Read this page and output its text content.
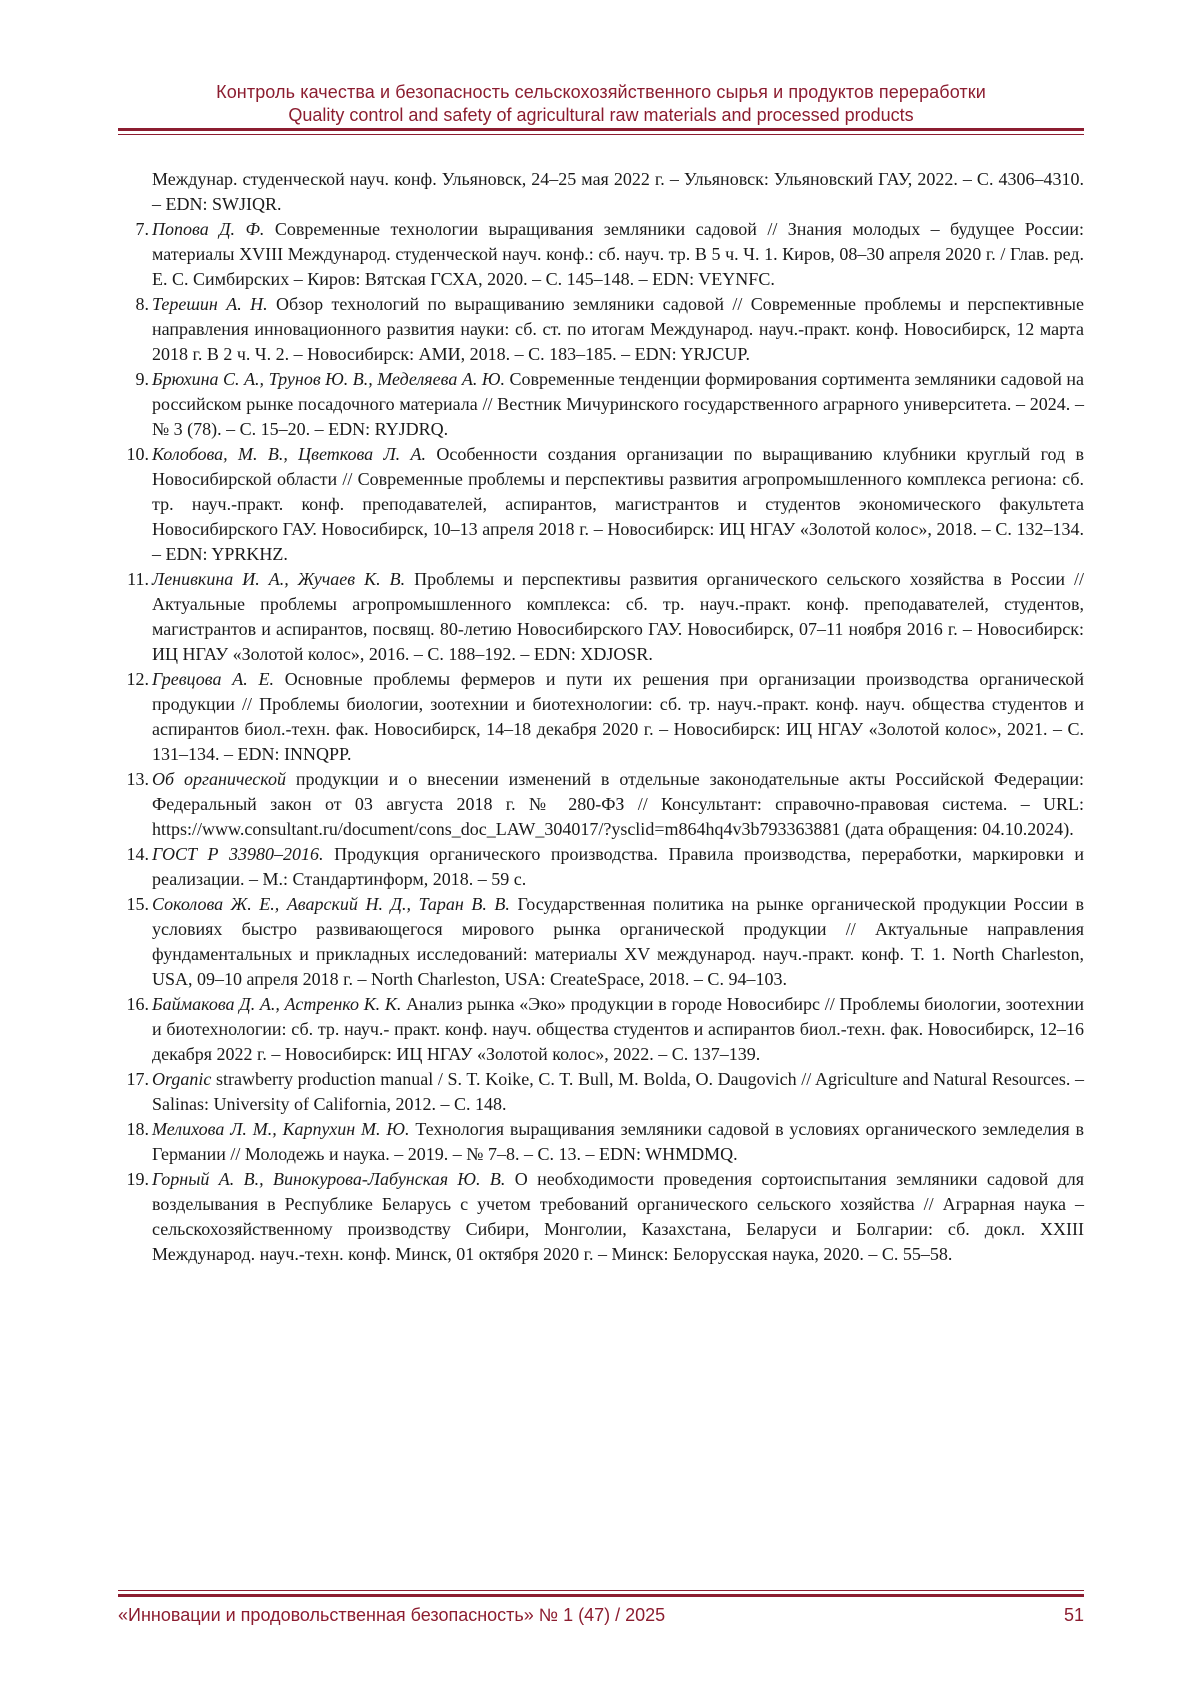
Контроль качества и безопасность сельскохозяйственного сырья и продуктов переработки
Quality control and safety of agricultural raw materials and processed products
Междунар. студенческой науч. конф. Ульяновск, 24–25 мая 2022 г. – Ульяновск: Ульяновский ГАУ, 2022. – С. 4306–4310. – EDN: SWJIQR.
7. Попова Д. Ф. Современные технологии выращивания земляники садовой // Знания молодых – будущее России: материалы XVIII Международ. студенческой науч. конф.: сб. науч. тр. В 5 ч. Ч. 1. Киров, 08–30 апреля 2020 г. / Глав. ред. Е. С. Симбирских – Киров: Вятская ГСХА, 2020. – С. 145–148. – EDN: VEYNFC.
8. Терешин А. Н. Обзор технологий по выращиванию земляники садовой // Современные проблемы и перспективные направления инновационного развития науки: сб. ст. по итогам Международ. науч.-практ. конф. Новосибирск, 12 марта 2018 г. В 2 ч. Ч. 2. – Новосибирск: АМИ, 2018. – С. 183–185. – EDN: YRJCUP.
9. Брюхина С. А., Трунов Ю. В., Меделяева А. Ю. Современные тенденции формирования сортимента земляники садовой на российском рынке посадочного материала // Вестник Мичуринского государственного аграрного университета. – 2024. – № 3 (78). – С. 15–20. – EDN: RYJDRQ.
10. Колобова, М. В., Цветкова Л. А. Особенности создания организации по выращиванию клубники круглый год в Новосибирской области // Современные проблемы и перспективы развития агропромышленного комплекса региона: сб. тр. науч.-практ. конф. преподавателей, аспирантов, магистрантов и студентов экономического факультета Новосибирского ГАУ. Новосибирск, 10–13 апреля 2018 г. – Новосибирск: ИЦ НГАУ «Золотой колос», 2018. – С. 132–134. – EDN: YPRKHZ.
11. Ленивкина И. А., Жучаев К. В. Проблемы и перспективы развития органического сельского хозяйства в России // Актуальные проблемы агропромышленного комплекса: сб. тр. науч.-практ. конф. преподавателей, студентов, магистрантов и аспирантов, посвящ. 80-летию Новосибирского ГАУ. Новосибирск, 07–11 ноября 2016 г. – Новосибирск: ИЦ НГАУ «Золотой колос», 2016. – С. 188–192. – EDN: XDJOSR.
12. Гревцова А. Е. Основные проблемы фермеров и пути их решения при организации производства органической продукции // Проблемы биологии, зоотехнии и биотехнологии: сб. тр. науч.-практ. конф. науч. общества студентов и аспирантов биол.-техн. фак. Новосибирск, 14–18 декабря 2020 г. – Новосибирск: ИЦ НГАУ «Золотой колос», 2021. – С. 131–134. – EDN: INNQPP.
13. Об органической продукции и о внесении изменений в отдельные законодательные акты Российской Федерации: Федеральный закон от 03 августа 2018 г. № 280-ФЗ // Консультант: справочно-правовая система. – URL: https://www.consultant.ru/document/cons_doc_LAW_304017/?ysclid=m864hq4v3b793363881 (дата обращения: 04.10.2024).
14. ГОСТ Р 33980–2016. Продукция органического производства. Правила производства, переработки, маркировки и реализации. – М.: Стандартинформ, 2018. – 59 с.
15. Соколова Ж. Е., Аварский Н. Д., Таран В. В. Государственная политика на рынке органической продукции России в условиях быстро развивающегося мирового рынка органической продукции // Актуальные направления фундаментальных и прикладных исследований: материалы XV международ. науч.-практ. конф. Т. 1. North Charleston, USA, 09–10 апреля 2018 г. – North Charleston, USA: CreateSpace, 2018. – С. 94–103.
16. Баймакова Д. А., Астренко К. К. Анализ рынка «Эко» продукции в городе Новосибирс // Проблемы биологии, зоотехнии и биотехнологии: сб. тр. науч.- практ. конф. науч. общества студентов и аспирантов биол.-техн. фак. Новосибирск, 12–16 декабря 2022 г. – Новосибирск: ИЦ НГАУ «Золотой колос», 2022. – С. 137–139.
17. Organic strawberry production manual / S. T. Koike, C. T. Bull, M. Bolda, O. Daugovich // Agriculture and Natural Resources. – Salinas: University of California, 2012. – С. 148.
18. Мелихова Л. М., Карпухин М. Ю. Технология выращивания земляники садовой в условиях органического земледелия в Германии // Молодежь и наука. – 2019. – № 7–8. – С. 13. – EDN: WHMDMQ.
19. Горный А. В., Винокурова-Лабунская Ю. В. О необходимости проведения сортоиспытания земляники садовой для возделывания в Республике Беларусь с учетом требований органического сельского хозяйства // Аграрная наука – сельскохозяйственному производству Сибири, Монголии, Казахстана, Беларуси и Болгарии: сб. докл. XXIII Международ. науч.-техн. конф. Минск, 01 октября 2020 г. – Минск: Белорусская наука, 2020. – С. 55–58.
«Инновации и продовольственная безопасность» № 1 (47) / 2025	51
